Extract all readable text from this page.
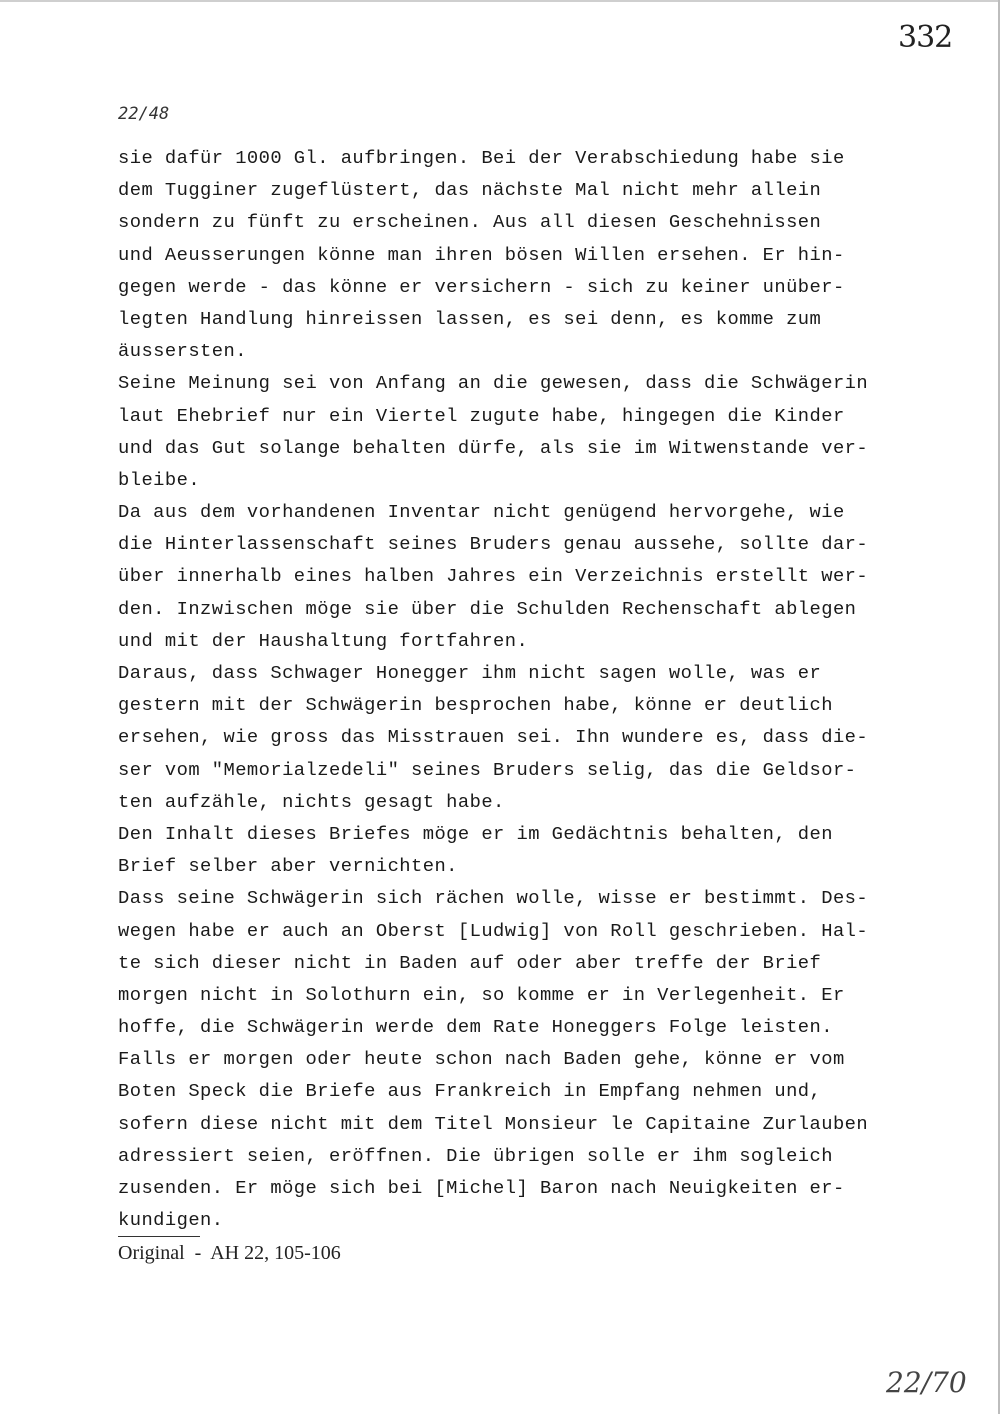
332
22/48
sie dafür 1000 Gl. aufbringen. Bei der Verabschiedung habe sie
dem Tugginer zugeflüstert, das nächste Mal nicht mehr allein
sondern zu fünft zu erscheinen. Aus all diesen Geschehnissen
und Aeusserungen könne man ihren bösen Willen ersehen. Er hin-
gegen werde - das könne er versichern - sich zu keiner unüber-
legten Handlung hinreissen lassen, es sei denn, es komme zum
äussersten.
Seine Meinung sei von Anfang an die gewesen, dass die Schwägerin
laut Ehebrief nur ein Viertel zugute habe, hingegen die Kinder
und das Gut solange behalten dürfe, als sie im Witwenstande ver-
bleibe.
Da aus dem vorhandenen Inventar nicht genügend hervorgehe, wie
die Hinterlassenschaft seines Bruders genau aussehe, sollte dar-
über innerhalb eines halben Jahres ein Verzeichnis erstellt wer-
den. Inzwischen möge sie über die Schulden Rechenschaft ablegen
und mit der Haushaltung fortfahren.
Daraus, dass Schwager Honegger ihm nicht sagen wolle, was er
gestern mit der Schwägerin besprochen habe, könne er deutlich
ersehen, wie gross das Misstrauen sei. Ihn wundere es, dass die-
ser vom "Memorialzedeli" seines Bruders selig, das die Geldsor-
ten aufzähle, nichts gesagt habe.
Den Inhalt dieses Briefes möge er im Gedächtnis behalten, den
Brief selber aber vernichten.
Dass seine Schwägerin sich rächen wolle, wisse er bestimmt. Des-
wegen habe er auch an Oberst [Ludwig] von Roll geschrieben. Hal-
te sich dieser nicht in Baden auf oder aber treffe der Brief
morgen nicht in Solothurn ein, so komme er in Verlegenheit. Er
hoffe, die Schwägerin werde dem Rate Honeggers Folge leisten.
Falls er morgen oder heute schon nach Baden gehe, könne er vom
Boten Speck die Briefe aus Frankreich in Empfang nehmen und,
sofern diese nicht mit dem Titel Monsieur le Capitaine Zurlauben
adressiert seien, eröffnen. Die übrigen solle er ihm sogleich
zusenden. Er möge sich bei [Michel] Baron nach Neuigkeiten er-
kundigen.
Original  -  AH 22, 105-106
22/70
